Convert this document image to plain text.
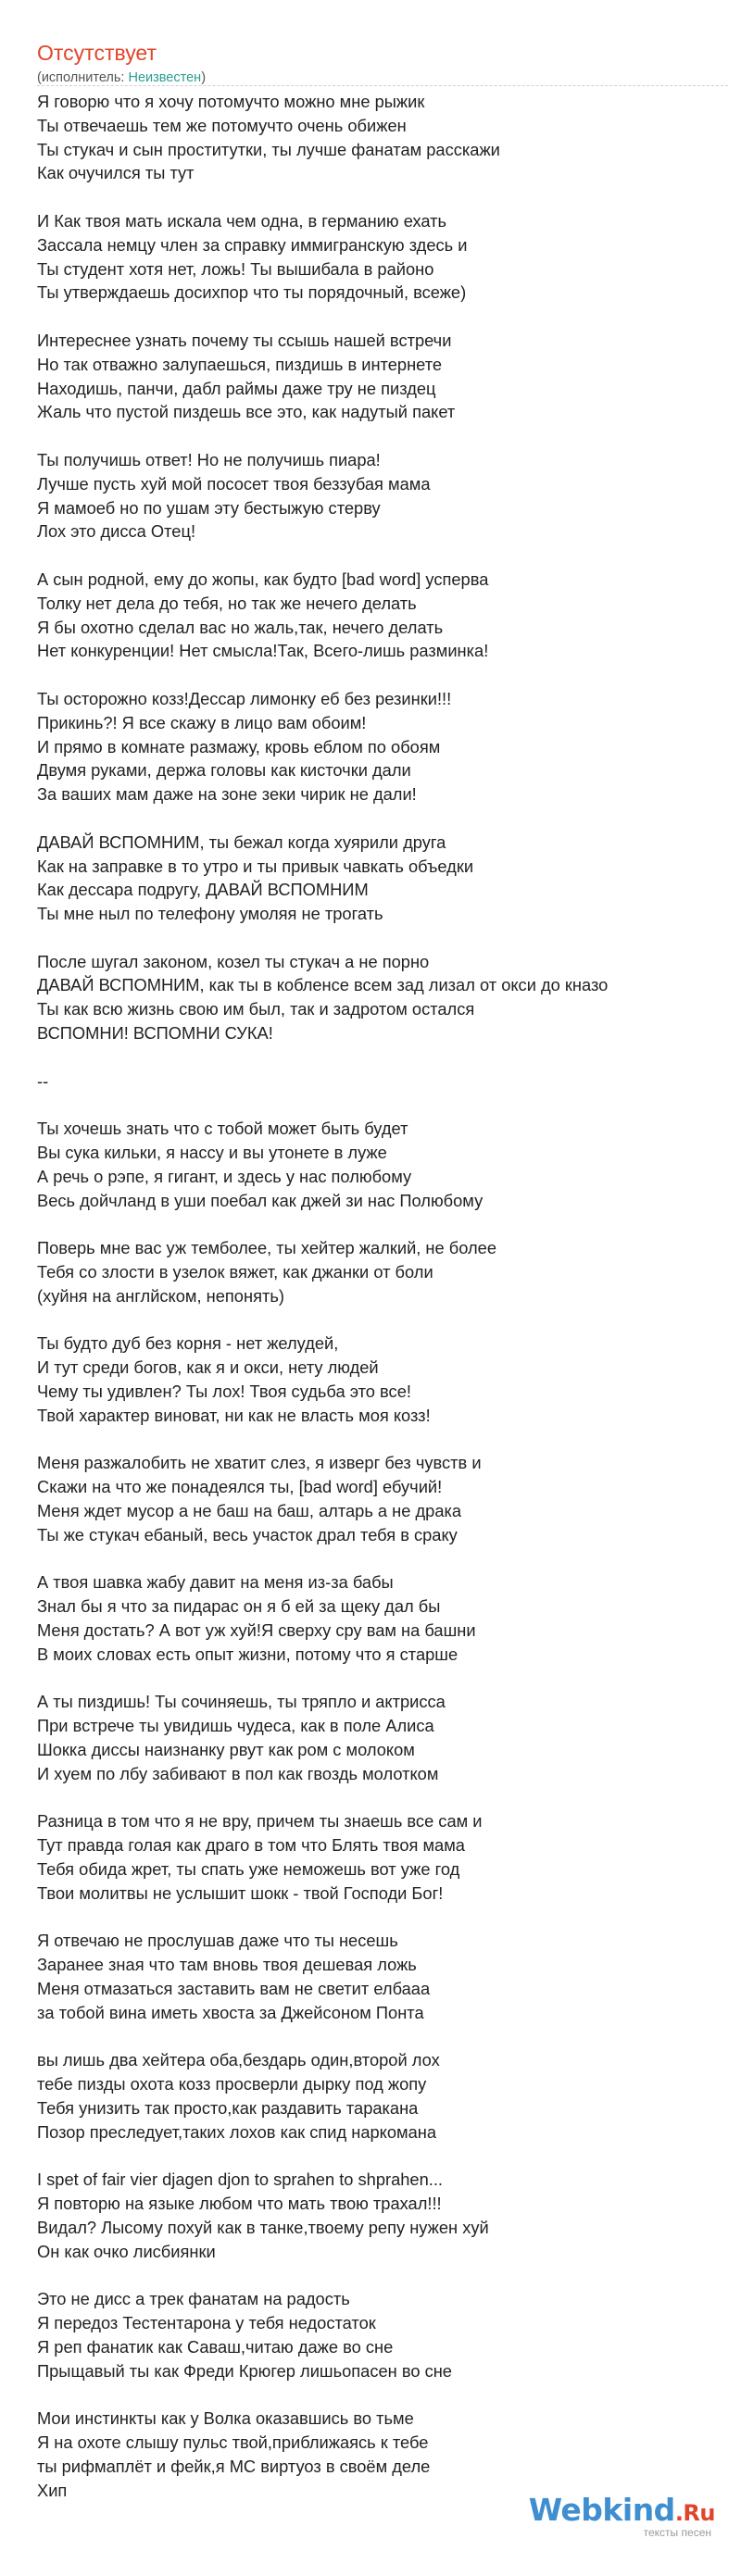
Отсутствует
(исполнитель: Неизвестен)
Я говорю что я хочу потомучто можно мне рыжик
Ты отвечаешь тем же потомучто очень обижен
Ты стукач и сын проститутки, ты лучше фанатам расскажи
Как очучился ты тут
И Как твоя мать искала чем одна, в германию ехать
Зассала немцу член за справку иммигранскую здесь и
Ты студент хотя нет, ложь! Ты вышибала в районо
Ты утверждаешь досихпор что ты порядочный, всеже)
Интереснее узнать почему ты ссышь нашей встречи
Но так отважно залупаешься, пиздишь в интернете
Находишь, панчи, дабл раймы даже тру не пиздец
Жаль что пустой пиздешь все это, как надутый пакет
Ты получишь ответ! Но не получишь пиара!
Лучше пусть хуй мой пососет твоя беззубая мама
Я мамоеб но по ушам эту бестыжую стерву
Лох это дисса Отец!
А сын родной, ему до жопы, как будто [bad word] усперва
Толку нет дела до тебя, но так же нечего делать
Я бы охотно сделал вас но жаль,так, нечего делать
Нет конкуренции! Нет смысла!Так, Всего-лишь разминка!
Ты осторожно козз!Дессар лимонку еб без резинки!!!
Прикинь?! Я все скажу в лицо вам обоим!
И прямо в комнате размажу, кровь еблом по обоям
Двумя руками, держа головы как кисточки дали
За ваших мам даже на зоне зеки чирик не дали!
ДАВАЙ ВСПОМНИМ, ты бежал когда хуярили друга
Как на заправке в то утро и ты привык чавкать объедки
Как дессара подругу, ДАВАЙ ВСПОМНИМ
Ты мне ныл по телефону умоляя не трогать
После шугал законом, козел ты стукач а не порно
ДАВАЙ ВСПОМНИМ, как ты в кобленсе всем зад лизал от окси до кназо
Ты как всю жизнь свою им был, так и задротом остался
ВСПОМНИ! ВСПОМНИ СУКА!
--
Ты хочешь знать что с тобой может быть будет
Вы сука кильки, я нассу и вы утонете в луже
А речь о рэпе, я гигант, и здесь у нас полюбому
Весь дойчланд в уши поебал как джей зи нас Полюбому
Поверь мне вас уж темболее, ты хейтер жалкий, не более
Тебя со злости в узелок вяжет, как джанки от боли
(хуйня на англйском, непонять)
Ты будто дуб без корня - нет желудей,
И тут среди богов, как я и окси, нету людей
Чему ты удивлен? Ты лох! Твоя судьба это все!
Твой характер виноват, ни как не власть моя козз!
Меня разжалобить не хватит слез, я изверг без чувств и
Скажи на что же понадеялся ты, [bad word] ебучий!
Меня ждет мусор а не баш на баш, алтарь а не драка
Ты же стукач ебаный, весь участок драл тебя в сраку
А твоя шавка жабу давит на меня из-за бабы
Знал бы я что за пидарас он я б ей за щеку дал бы
Меня достать? А вот уж хуй!Я сверху сру вам на башни
В моих словах есть опыт жизни, потому что я старше
А ты пиздишь! Ты сочиняешь, ты тряпло и актрисса
При встрече ты увидишь чудеса, как в поле Алиса
Шокка диссы наизнанку рвут как ром с молоком
И хуем по лбу забивают в пол как гвоздь молотком
Разница в том что я не вру, причем ты знаешь все сам и
Тут правда голая как драго в том что Блять твоя мама
Тебя обида жрет, ты спать уже неможешь вот уже год
Твои молитвы не услышит шокк - твой Господи Бог!
Я отвечаю не прослушав даже что ты несешь
Заранее зная что там вновь твоя дешевая ложь
Меня отмазаться заставить вам не светит елбааа
за тобой вина иметь хвоста за Джейсоном Понта
вы лишь два хейтера оба,бездарь один,второй лох
тебе пизды охота козз просверли дырку под жопу
Тебя унизить так просто,как раздавить таракана
Позор преследует,таких лохов как спид наркомана
I spet of fair vier djagen djon to sprahen to shprahen...
Я повторю на языке любом что мать твою трахал!!!
Видал? Лысому похуй как в танке,твоему репу нужен хуй
Он как очко лисбиянки
Это не дисс а трек фанатам на радость
Я передоз Тестентарона у тебя недостаток
Я реп фанатик как Саваш,читаю даже во сне
Прыщавый ты как Фреди Крюгер лишьопасен во сне
Мои инстинкты как у Волка оказавшись во тьме
Я на охоте слышу пульс твой,приближаясь к тебе
ты рифмаплёт и фейк,я МС виртуоз в своём деле
Хип
Webkind.Ru
тексты песен
